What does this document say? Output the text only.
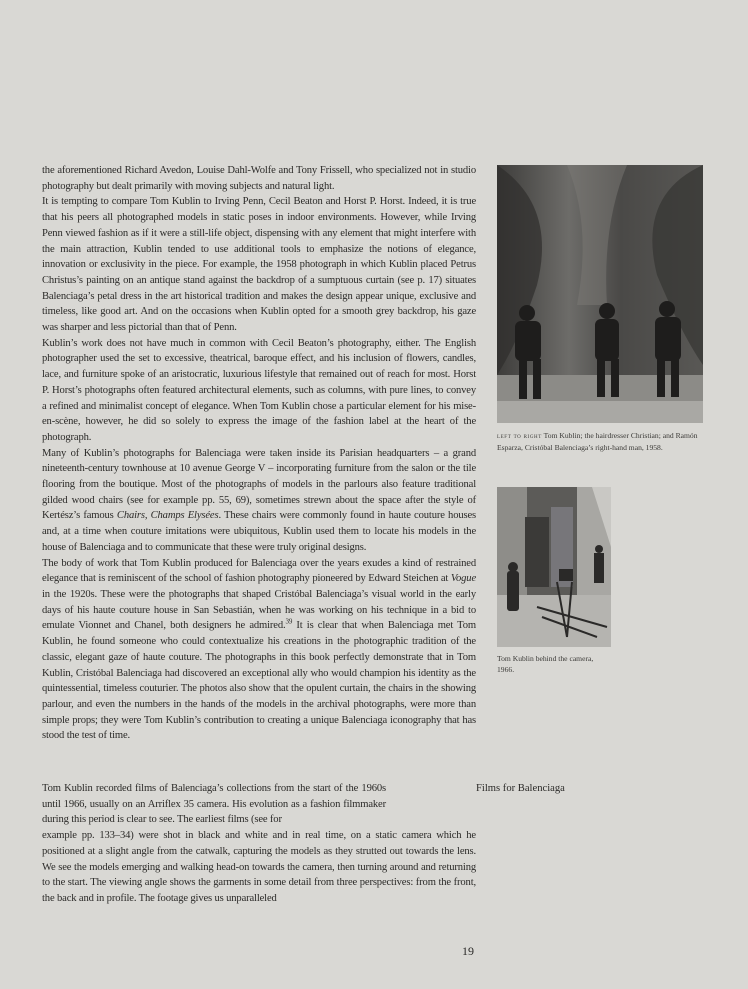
the aforementioned Richard Avedon, Louise Dahl-Wolfe and Tony Frissell, who specialized not in studio photography but dealt primarily with moving subjects and natural light.

It is tempting to compare Tom Kublin to Irving Penn, Cecil Beaton and Horst P. Horst. Indeed, it is true that his peers all photographed models in static poses in indoor environments. However, while Irving Penn viewed fashion as if it were a still-life object, dispensing with any element that might interfere with the main attraction, Kublin tended to use additional tools to emphasize the notions of elegance, innovation or exclusivity in the piece. For example, the 1958 photograph in which Kublin placed Petrus Christus’s painting on an antique stand against the backdrop of a sumptuous curtain (see p. 17) situates Balenciaga’s petal dress in the art historical tradition and makes the design appear unique, exclusive and timeless, like good art. And on the occasions when Kublin opted for a smooth grey backdrop, his gaze was sharper and less pictorial than that of Penn.

Kublin’s work does not have much in common with Cecil Beaton’s photography, either. The English photographer used the set to excessive, theatrical, baroque effect, and his inclusion of flowers, candles, lace, and furniture spoke of an aristocratic, luxurious lifestyle that remained out of reach for most. Horst P. Horst’s photographs often featured architectural elements, such as columns, with pure lines, to convey a refined and minimalist concept of elegance. When Tom Kublin chose a particular element for his mise-en-scène, however, he did so solely to express the image of the fashion label at the heart of the photograph.

Many of Kublin’s photographs for Balenciaga were taken inside its Parisian headquarters – a grand nineteenth-century townhouse at 10 avenue George V – incorporating furniture from the salon or the tile flooring from the boutique. Most of the photographs of models in the parlours also feature traditional gilded wood chairs (see for example pp. 55, 69), sometimes strewn about the space after the style of Kertész’s famous Chairs, Champs Elysées. These chairs were commonly found in haute couture houses and, at a time when couture imitations were ubiquitous, Kublin used them to locate his models in the house of Balenciaga and to communicate that these were truly original designs.

The body of work that Tom Kublin produced for Balenciaga over the years exudes a kind of restrained elegance that is reminiscent of the school of fashion photography pioneered by Edward Steichen at Vogue in the 1920s. These were the photographs that shaped Cristóbal Balenciaga’s visual world in the early days of his haute couture house in San Sebastián, when he was working on his technique in a bid to emulate Vionnet and Chanel, both designers he admired.$^{39}$ It is clear that when Balenciaga met Tom Kublin, he found someone who could contextualize his creations in the photographic tradition of the classic, elegant gaze of haute couture. The photographs in this book perfectly demonstrate that in Tom Kublin, Cristóbal Balenciaga had discovered an exceptional ally who would champion his identity as the quintessential, timeless couturier. The photos also show that the opulent curtain, the chairs in the showing parlour, and even the numbers in the hands of the models in the archival photographs, were more than simple props; they were Tom Kublin’s contribution to creating a unique Balenciaga iconography that has stood the test of time.

left to right Tom Kublin; the hairdresser Christian; and Ramón Esparza, Cristóbal Balenciaga’s right-hand man, 1958.
Tom Kublin behind the camera, 1966.

Tom Kublin recorded films of Balenciaga’s collections from the start of the 1960s until 1966, usually on an Arriflex 35 camera. His evolution as a fashion filmmaker during this period is clear to see. The earliest films (see for

example pp. 133–34) were shot in black and white and in real time, on a static camera which he positioned at a slight angle from the catwalk, capturing the models as they strutted out towards the lens. We see the models emerging and walking head-on towards the camera, then turning around and returning to the start. The viewing angle shows the garments in some detail from three perspectives: from the front, the back and in profile. The footage gives us unparalleled

Films for Balenciaga
19
